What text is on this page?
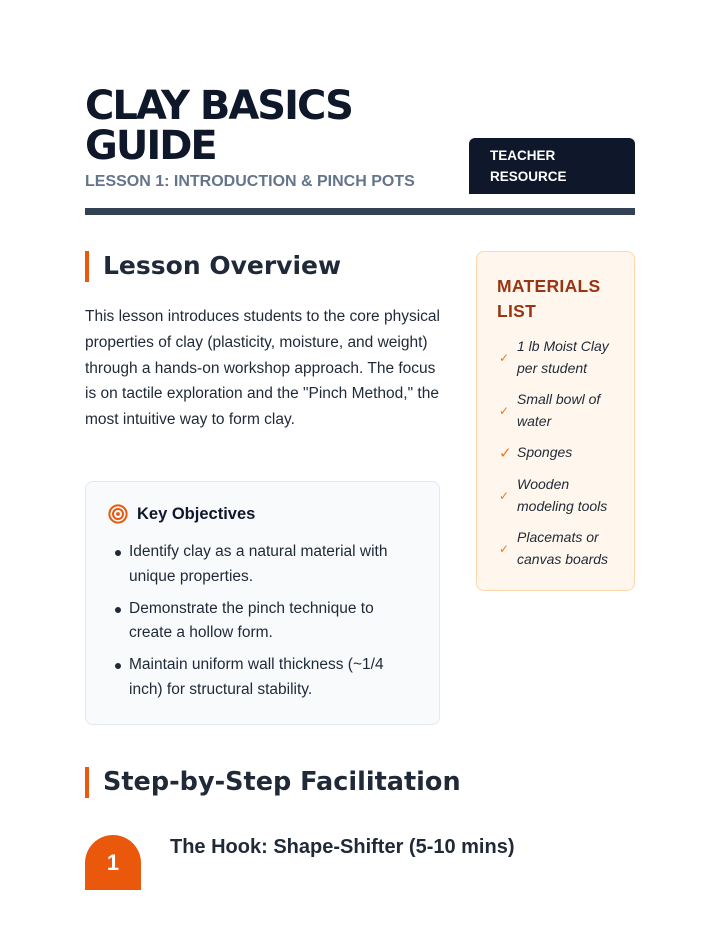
CLAY BASICS GUIDE
LESSON 1: INTRODUCTION & PINCH POTS
TEACHER
RESOURCE
Lesson Overview

This lesson introduces students to the core physical properties of clay (plasticity, moisture, and weight) through a hands-on workshop approach. The focus is on tactile exploration and the "Pinch Method," the most intuitive way to form clay.

Key Objectives
Identify clay as a natural material with unique properties.
Demonstrate the pinch technique to create a hollow form.
Maintain uniform wall thickness (~1/4 inch) for structural stability.
MATERIALS LIST
✓
1 lb Moist Clay per student
✓
Small bowl of water
✓ Sponges
✓
Wooden modeling tools
✓
Placemats or canvas boards
Step-by-Step Facilitation
1
The Hook: Shape-Shifter (5-10 mins)
